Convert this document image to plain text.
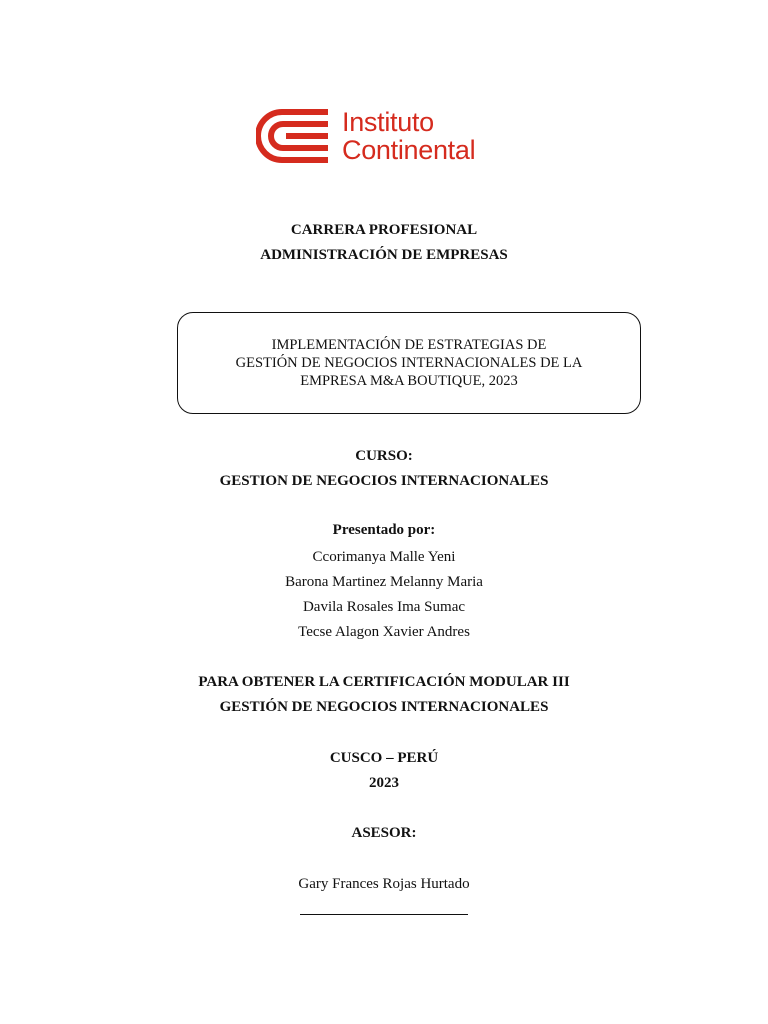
Instituto
Continental
CARRERA PROFESIONAL
ADMINISTRACIÓN DE EMPRESAS
IMPLEMENTACIÓN DE ESTRATEGIAS DE
GESTIÓN DE NEGOCIOS INTERNACIONALES DE LA
EMPRESA M&A BOUTIQUE, 2023
CURSO:
GESTION DE NEGOCIOS INTERNACIONALES
Presentado por:
Ccorimanya Malle Yeni
Barona Martinez Melanny Maria
Davila Rosales Ima Sumac
Tecse Alagon Xavier Andres
PARA OBTENER LA CERTIFICACIÓN MODULAR III
GESTIÓN DE NEGOCIOS INTERNACIONALES
CUSCO – PERÚ
2023
ASESOR:
Gary Frances Rojas Hurtado
